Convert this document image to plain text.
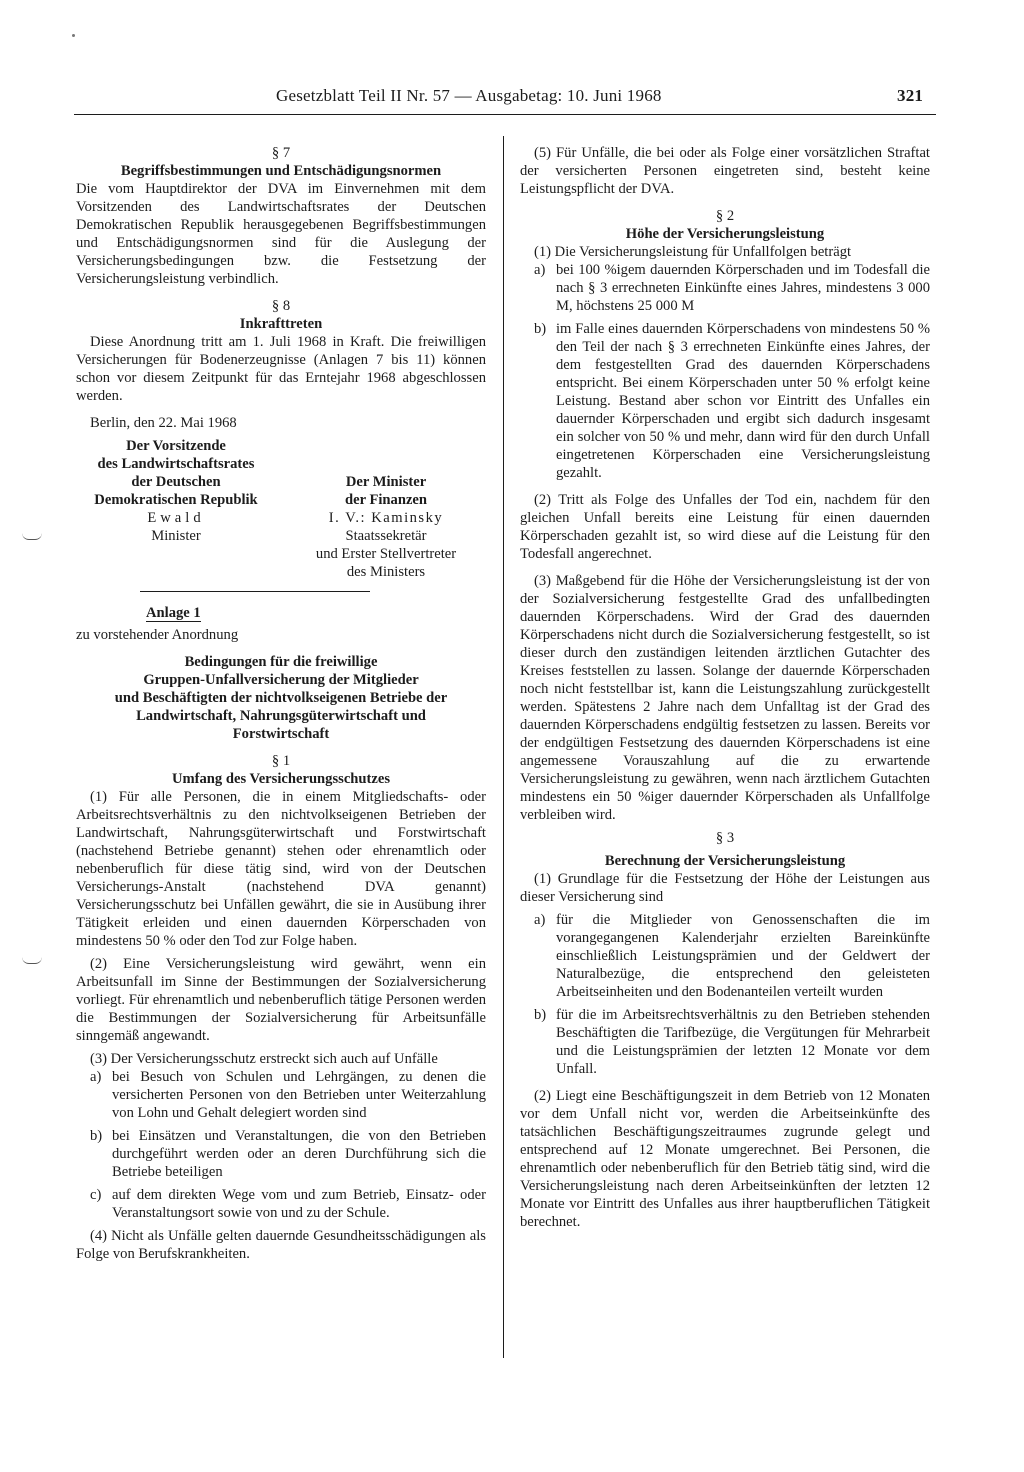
Gesetzblatt Teil II Nr. 57 — Ausgabetag: 10. Juni 1968	321

§ 7

Begriffsbestimmungen und Entschädigungsnormen

Die vom Hauptdirektor der DVA im Einvernehmen mit dem Vorsitzenden des Landwirtschaftsrates der Deutschen Demokratischen Republik herausgegebenen Begriffsbestimmungen und Entschädigungsnormen sind für die Auslegung der Versicherungsbedingungen bzw. die Festsetzung der Versicherungsleistung verbindlich.

§ 8

Inkrafttreten

Diese Anordnung tritt am 1. Juli 1968 in Kraft. Die freiwilligen Versicherungen für Bodenerzeugnisse (Anlagen 7 bis 11) können schon vor diesem Zeitpunkt für das Erntejahr 1968 abgeschlossen werden.

Berlin, den 22. Mai 1968

Der Vorsitzende
des Landwirtschaftsrates
der Deutschen
Demokratischen Republik
Ewald
Minister
Der Minister
der Finanzen
I. V.: Kaminsky
Staatssekretär
und Erster Stellvertreter
des Ministers

Anlage 1

zu vorstehender Anordnung

Bedingungen für die freiwillige
Gruppen-Unfallversicherung der Mitglieder
und Beschäftigten der nichtvolkseigenen Betriebe der
Landwirtschaft, Nahrungsgüterwirtschaft und
Forstwirtschaft

§ 1

Umfang des Versicherungsschutzes

(1) Für alle Personen, die in einem Mitgliedschafts- oder Arbeitsrechtsverhältnis zu den nichtvolkseigenen Betrieben der Landwirtschaft, Nahrungsgüterwirtschaft und Forstwirtschaft (nachstehend Betriebe genannt) stehen oder ehrenamtlich oder nebenberuflich für diese tätig sind, wird von der Deutschen Versicherungs-Anstalt (nachstehend DVA genannt) Versicherungsschutz bei Unfällen gewährt, die sie in Ausübung ihrer Tätigkeit erleiden und einen dauernden Körperschaden von mindestens 50 % oder den Tod zur Folge haben.

(2) Eine Versicherungsleistung wird gewährt, wenn ein Arbeitsunfall im Sinne der Bestimmungen der Sozialversicherung vorliegt. Für ehrenamtlich und nebenberuflich tätige Personen werden die Bestimmungen der Sozialversicherung für Arbeitsunfälle sinngemäß angewandt.

(3) Der Versicherungsschutz erstreckt sich auch auf Unfälle

a) bei Besuch von Schulen und Lehrgängen, zu denen die versicherten Personen von den Betrieben unter Weiterzahlung von Lohn und Gehalt delegiert worden sind
b) bei Einsätzen und Veranstaltungen, die von den Betrieben durchgeführt werden oder an deren Durchführung sich die Betriebe beteiligen
c) auf dem direkten Wege vom und zum Betrieb, Einsatz- oder Veranstaltungsort sowie von und zu der Schule.

(4) Nicht als Unfälle gelten dauernde Gesundheitsschädigungen als Folge von Berufskrankheiten.

(5) Für Unfälle, die bei oder als Folge einer vorsätzlichen Straftat der versicherten Personen eingetreten sind, besteht keine Leistungspflicht der DVA.

§ 2

Höhe der Versicherungsleistung

(1) Die Versicherungsleistung für Unfallfolgen beträgt

a) bei 100 %igem dauernden Körperschaden und im Todesfall die nach § 3 errechneten Einkünfte eines Jahres, mindestens 3 000 M, höchstens 25 000 M
b) im Falle eines dauernden Körperschadens von mindestens 50 % den Teil der nach § 3 errechneten Einkünfte eines Jahres, der dem festgestellten Grad des dauernden Körperschadens entspricht. Bei einem Körperschaden unter 50 % erfolgt keine Leistung. Bestand aber schon vor Eintritt des Unfalles ein dauernder Körperschaden und ergibt sich dadurch insgesamt ein solcher von 50 % und mehr, dann wird für den durch Unfall eingetretenen Körperschaden eine Versicherungsleistung gezahlt.

(2) Tritt als Folge des Unfalles der Tod ein, nachdem für den gleichen Unfall bereits eine Leistung für einen dauernden Körperschaden gezahlt ist, so wird diese auf die Leistung für den Todesfall angerechnet.

(3) Maßgebend für die Höhe der Versicherungsleistung ist der von der Sozialversicherung festgestellte Grad des unfallbedingten dauernden Körperschadens. Wird der Grad des dauernden Körperschadens nicht durch die Sozialversicherung festgestellt, so ist dieser durch den zuständigen leitenden ärztlichen Gutachter des Kreises feststellen zu lassen. Solange der dauernde Körperschaden noch nicht feststellbar ist, kann die Leistungszahlung zurückgestellt werden. Spätestens 2 Jahre nach dem Unfalltag ist der Grad des dauernden Körperschadens endgültig festsetzen zu lassen. Bereits vor der endgültigen Festsetzung des dauernden Körperschadens ist eine angemessene Vorauszahlung auf die zu erwartende Versicherungsleistung zu gewähren, wenn nach ärztlichem Gutachten mindestens ein 50 %iger dauernder Körperschaden als Unfallfolge verbleiben wird.

§ 3

Berechnung der Versicherungsleistung

(1) Grundlage für die Festsetzung der Höhe der Leistungen aus dieser Versicherung sind

a) für die Mitglieder von Genossenschaften die im vorangegangenen Kalenderjahr erzielten Bareinkünfte einschließlich Leistungsprämien und der Geldwert der Naturalbezüge, die entsprechend den geleisteten Arbeitseinheiten und den Bodenanteilen verteilt wurden
b) für die im Arbeitsrechtsverhältnis zu den Betrieben stehenden Beschäftigten die Tarifbezüge, die Vergütungen für Mehrarbeit und die Leistungsprämien der letzten 12 Monate vor dem Unfall.

(2) Liegt eine Beschäftigungszeit in dem Betrieb von 12 Monaten vor dem Unfall nicht vor, werden die Arbeitseinkünfte des tatsächlichen Beschäftigungszeitraumes zugrunde gelegt und entsprechend auf 12 Monate umgerechnet. Bei Personen, die ehrenamtlich oder nebenberuflich für den Betrieb tätig sind, wird die Versicherungsleistung nach deren Arbeitseinkünften der letzten 12 Monate vor Eintritt des Unfalles aus ihrer hauptberuflichen Tätigkeit berechnet.
